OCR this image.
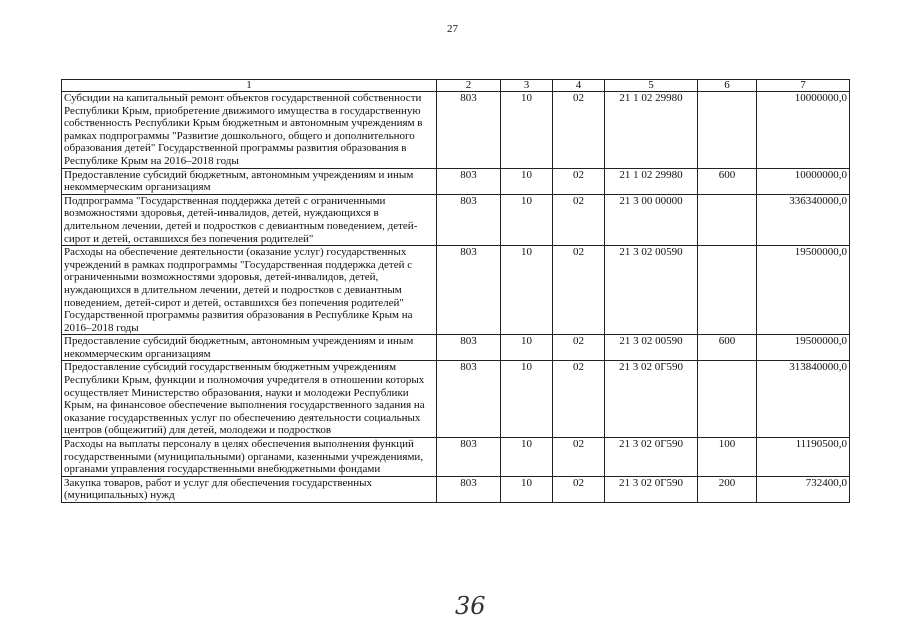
27
1	2	3	4	5	6	7
Субсидии на капитальный ремонт объектов государственной собственности Республики Крым, приобретение движимого имущества в государственную собственность Республики Крым бюджетным и автономным учреждениям в рамках подпрограммы "Развитие дошкольного, общего и дополнительного образования детей" Государственной программы развития образования в Республике Крым на 2016–2018 годы	803	10	02	21 1 02 29980		10000000,0
Предоставление субсидий бюджетным, автономным учреждениям и иным некоммерческим организациям	803	10	02	21 1 02 29980	600	10000000,0
Подпрограмма "Государственная поддержка детей с ограниченными возможностями здоровья, детей-инвалидов, детей, нуждающихся в длительном лечении, детей и подростков с девиантным поведением, детей-сирот и детей, оставшихся без попечения родителей"	803	10	02	21 3 00 00000		336340000,0
Расходы на обеспечение деятельности (оказание услуг) государственных учреждений в рамках подпрограммы "Государственная поддержка детей с ограниченными возможностями здоровья, детей-инвалидов, детей, нуждающихся в длительном лечении, детей и подростков с девиантным поведением, детей-сирот и детей, оставшихся без попечения родителей" Государственной программы развития образования в Республике Крым на 2016–2018 годы	803	10	02	21 3 02 00590		19500000,0
Предоставление субсидий бюджетным, автономным учреждениям и иным некоммерческим организациям	803	10	02	21 3 02 00590	600	19500000,0
Предоставление субсидий государственным бюджетным учреждениям Республики Крым, функции и полномочия учредителя в отношении которых осуществляет Министерство образования, науки и молодежи Республики Крым, на финансовое обеспечение выполнения государственного задания на оказание государственных услуг по обеспечению деятельности социальных центров (общежитий) для детей, молодежи и подростков	803	10	02	21 3 02 0Г590		313840000,0
Расходы на выплаты персоналу в целях обеспечения выполнения функций государственными (муниципальными) органами, казенными учреждениями, органами управления государственными внебюджетными фондами	803	10	02	21 3 02 0Г590	100	11190500,0
Закупка товаров, работ и услуг для обеспечения государственных (муниципальных) нужд	803	10	02	21 3 02 0Г590	200	732400,0
36
